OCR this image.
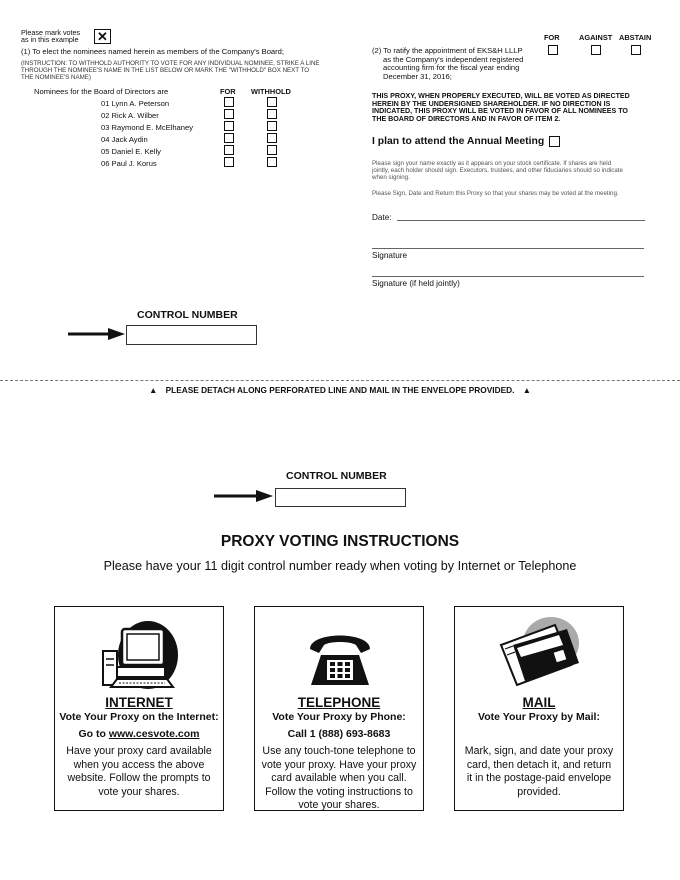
Please mark votes
as in this example ✕
(1) To elect the nominees named herein as members of the Company's Board;
(INSTRUCTION: TO WITHHOLD AUTHORITY TO VOTE FOR ANY INDIVIDUAL NOMINEE, STRIKE A LINE
THROUGH THE NOMINEE'S NAME IN THE LIST BELOW OR MARK THE "WITHHOLD" BOX NEXT TO
THE NOMINEE'S NAME)
Nominees for the Board of Directors are	FOR WITHHOLD
01 Lynn A. Peterson
02 Rick A. Wilber
03 Raymond E. McElhaney
04 Jack Aydin
05 Daniel E. Kelly
06 Paul J. Korus
FOR	AGAINST ABSTAIN
(2) To ratify the appointment of EKS&H LLLP
as the Company's independent registered
accounting firm for the fiscal year ending
December 31, 2016;
THIS PROXY, WHEN PROPERLY EXECUTED, WILL BE VOTED AS DIRECTED
HEREIN BY THE UNDERSIGNED SHAREHOLDER. IF NO DIRECTION IS
INDICATED, THIS PROXY WILL BE VOTED IN FAVOR OF ALL NOMINEES TO
THE BOARD OF DIRECTORS AND IN FAVOR OF ITEM 2.
I plan to attend the Annual Meeting
Please sign your name exactly as it appears on your stock certificate. If shares are held
jointly, each holder should sign. Executors, trustees, and other fiduciaries should so indicate
when signing.
Please Sign, Date and Return this Proxy so that your shares may be voted at the meeting.
Date:
Signature
Signature (if held jointly)
CONTROL NUMBER
▲ PLEASE DETACH ALONG PERFORATED LINE AND MAIL IN THE ENVELOPE PROVIDED. ▲
CONTROL NUMBER
PROXY VOTING INSTRUCTIONS
Please have your 11 digit control number ready when voting by Internet or Telephone
INTERNET
Vote Your Proxy on the Internet:
Go to www.cesvote.com
Have your proxy card available
when you access the above
website. Follow the prompts to
vote your shares.
TELEPHONE
Vote Your Proxy by Phone:
Call 1 (888) 693-8683
Use any touch-tone telephone to
vote your proxy. Have your proxy
card available when you call.
Follow the voting instructions to
vote your shares.
MAIL
Vote Your Proxy by Mail:
Mark, sign, and date your proxy
card, then detach it, and return
it in the postage-paid envelope
provided.
